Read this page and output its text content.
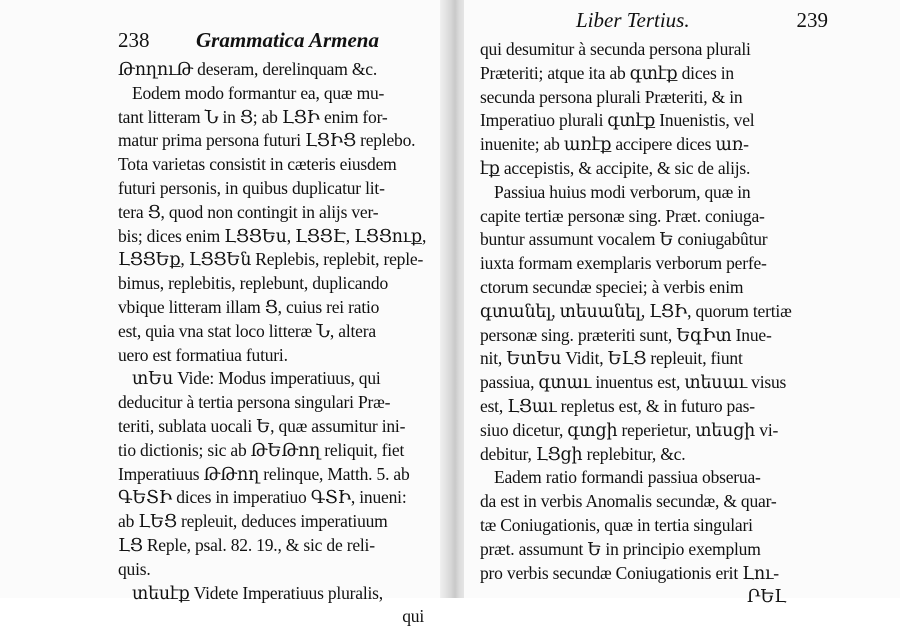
238 Grammatica Armena
ԹողուԹ deseram, derelinquam &c.
Eodem modo formantur ea, quæ mu-
tant litteram Ն in Ց; ab ԼՑԻ enim for-
matur prima persona futuri ԼՑԻՑ replebo.
Tota varietas consistit in cæteris eiusdem
futuri personis, in quibus duplicatur lit-
tera Ց, quod non contingit in alijs ver-
bis; dices enim ԼՑՑԵս, ԼՑՑԷ, ԼՑՑուք,
ԼՑՑԵք, ԼՑՑԵն Replebis, replebit, reple-
bimus, replebitis, replebunt, duplicando
vbique litteram illam Ց, cuius rei ratio
est, quia vna stat loco litteræ Ն, altera
uero est formatiua futuri.
տԵս Vide: Modus imperatiuus, qui
deducitur à tertia persona singulari Præ-
teriti, sublata uocali Ե, quæ assumitur ini-
tio dictionis; sic ab ԹԵԹող reliquit, fiet
Imperatiuus ԹԹող relinque, Matth. 5. ab
ԳԵՏԻ dices in imperatiuo ԳՏԻ, inueni:
ab ԼԵՑ repleuit, deduces imperatiuum
ԼՑ Reple, psal. 82. 19., & sic de reli-
quis.
տեսէք Videte Imperatiuus pluralis,
qui
Liber Tertius.	239
qui desumitur à secunda persona plurali
Præteriti; atque ita ab գտէք dices in
secunda persona plurali Præteriti, & in
Imperatiuo plurali գտէք Inuenistis, vel
inuenite; ab առէք accipere dices առ-
էք accepistis, & accipite, & sic de alijs.
Passiua huius modi verborum, quæ in
capite tertiæ personæ sing. Præt. coniuga-
buntur assumunt vocalem Ե coniugabûtur
iuxta formam exemplaris verborum perfe-
ctorum secundæ speciei; à verbis enim
գտանել, տեսանել, ԼՑԻ, quorum tertiæ
personæ sing. præteriti sunt, ԵգԻտ Inue-
nit, ԵտԵս Vidit, ԵԼՑ repleuit, fiunt
passiua, գտաւ inuentus est, տեսաւ visus
est, ԼՑաւ repletus est, & in futuro pas-
siuo dicetur, գտցի reperietur, տեսցի vi-
debitur, ԼՑցի replebitur, &c.
Eadem ratio formandi passiua obserua-
da est in verbis Anomalis secundæ, & quar-
tæ Coniugationis, quæ in tertia singulari
præt. assumunt Ե in principio exemplum
pro verbis secundæ Coniugationis erit Լու-
ՐԵԼ
